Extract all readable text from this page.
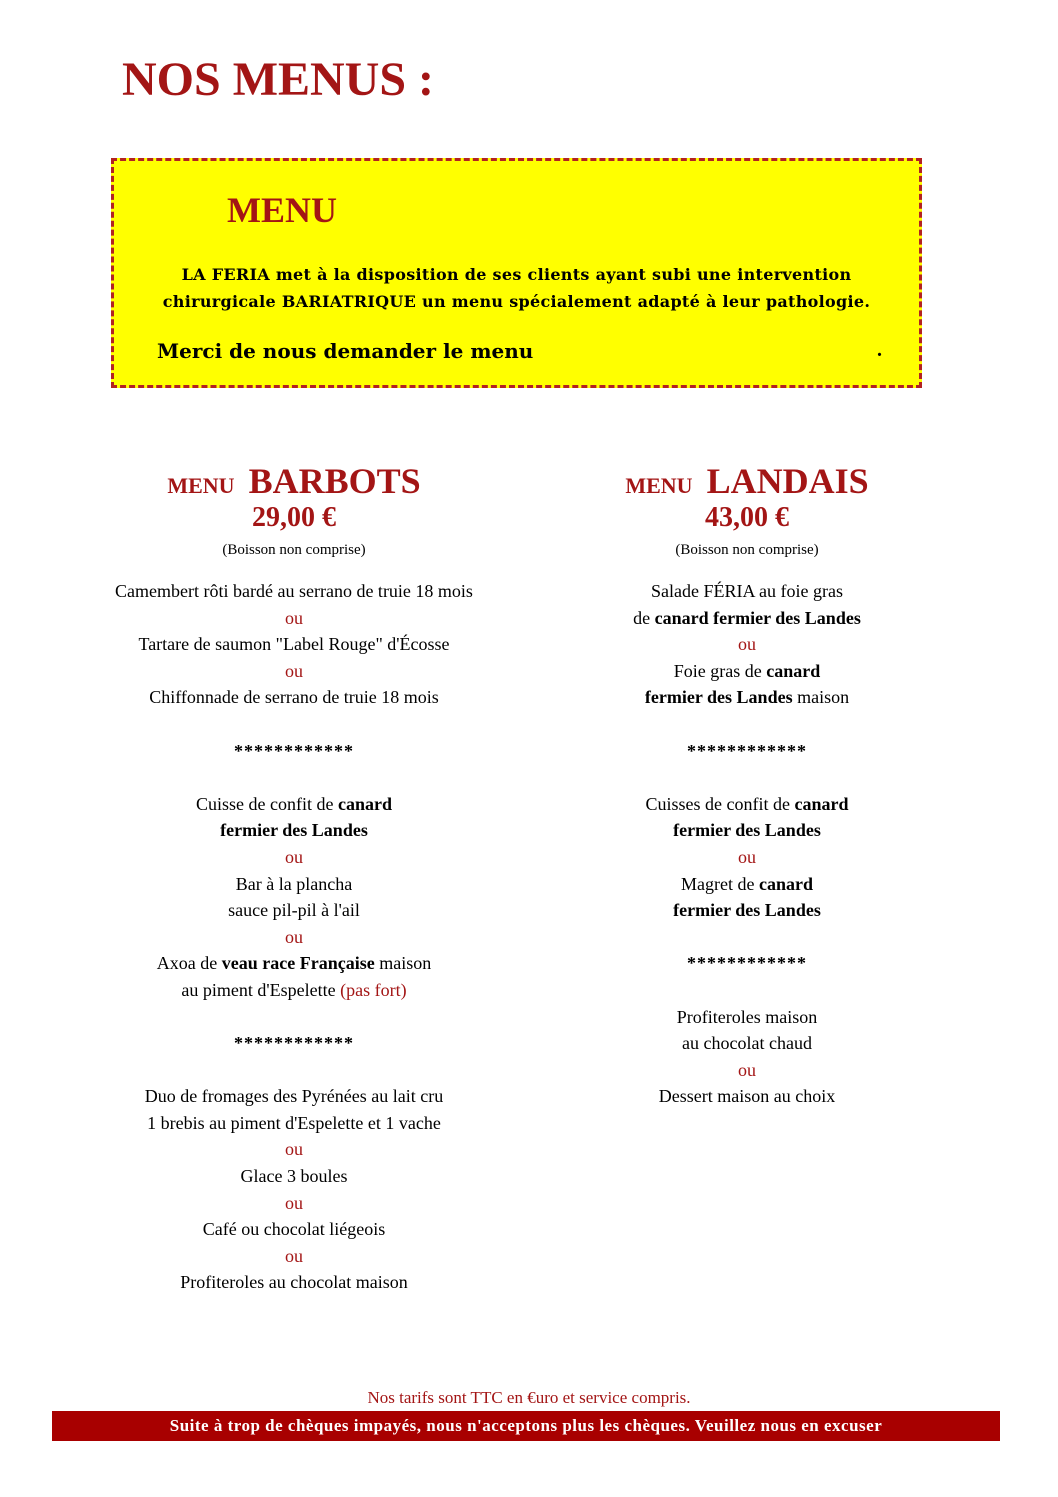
NOS MENUS :
MENU
LA FERIA met à la disposition de ses clients ayant subi une intervention
chirurgicale BARIATRIQUE un menu spécialement adapté à leur pathologie.
Merci de nous demander le menu	.
MENU BARBOTS
29,00 €
(Boisson non comprise)
Camembert rôti bardé au serrano de truie 18 mois
ou
Tartare de saumon "Label Rouge" d'Écosse
ou
Chiffonnade de serrano de truie 18 mois
************
Cuisse de confit de canard
fermier des Landes
ou
Bar à la plancha
sauce pil-pil à l'ail
ou
Axoa de veau race Française maison
au piment d'Espelette (pas fort)
************
Duo de fromages des Pyrénées au lait cru
1 brebis au piment d'Espelette et 1 vache
ou
Glace 3 boules
ou
Café ou chocolat liégeois
ou
Profiteroles au chocolat maison
MENU LANDAIS
43,00 €
(Boisson non comprise)
Salade FÉRIA au foie gras
de canard fermier des Landes
ou
Foie gras de canard
fermier des Landes maison
************
Cuisses de confit de canard
fermier des Landes
ou
Magret de canard
fermier des Landes
************
Profiteroles maison
au chocolat chaud
ou
Dessert maison au choix
Nos tarifs sont TTC en €uro et service compris.
Suite à trop de chèques impayés, nous n'acceptons plus les chèques. Veuillez nous en excuser
